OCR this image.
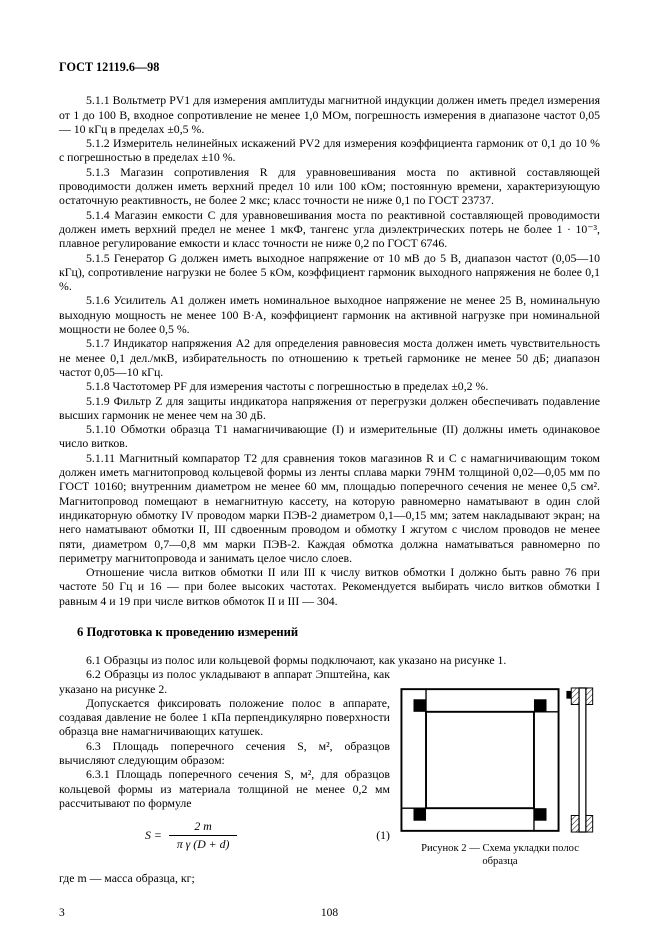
ГОСТ 12119.6—98

5.1.1 Вольтметр PV1 для измерения амплитуды магнитной индукции должен иметь предел измерения от 1 до 100 В, входное сопротивление не менее 1,0 МОм, погрешность измерения в диапазоне частот 0,05 — 10 кГц в пределах ±0,5 %.

5.1.2 Измеритель нелинейных искажений PV2 для измерения коэффициента гармоник от 0,1 до 10 % с погрешностью в пределах ±10 %.

5.1.3 Магазин сопротивления R для уравновешивания моста по активной составляющей проводимости должен иметь верхний предел 10 или 100 кОм; постоянную времени, характеризующую остаточную реактивность, не более 2 мкс; класс точности не ниже 0,1 по ГОСТ 23737.

5.1.4 Магазин емкости C для уравновешивания моста по реактивной составляющей проводимости должен иметь верхний предел не менее 1 мкФ, тангенс угла диэлектрических потерь не более 1 · 10⁻³, плавное регулирование емкости и класс точности не ниже 0,2 по ГОСТ 6746.

5.1.5 Генератор G должен иметь выходное напряжение от 10 мВ до 5 В, диапазон частот (0,05—10 кГц), сопротивление нагрузки не более 5 кОм, коэффициент гармоник выходного напряжения не более 0,1 %.

5.1.6 Усилитель A1 должен иметь номинальное выходное напряжение не менее 25 В, номинальную выходную мощность не менее 100 В·А, коэффициент гармоник на активной нагрузке при номинальной мощности не более 0,5 %.

5.1.7 Индикатор напряжения A2 для определения равновесия моста должен иметь чувствительность не менее 0,1 дел./мкВ, избирательность по отношению к третьей гармонике не менее 50 дБ; диапазон частот 0,05—10 кГц.

5.1.8 Частотомер PF для измерения частоты с погрешностью в пределах ±0,2 %.

5.1.9 Фильтр Z для защиты индикатора напряжения от перегрузки должен обеспечивать подавление высших гармоник не менее чем на 30 дБ.

5.1.10 Обмотки образца T1 намагничивающие (I) и измерительные (II) должны иметь одинаковое число витков.

5.1.11 Магнитный компаратор T2 для сравнения токов магазинов R и C с намагничивающим током должен иметь магнитопровод кольцевой формы из ленты сплава марки 79НМ толщиной 0,02—0,05 мм по ГОСТ 10160; внутренним диаметром не менее 60 мм, площадью поперечного сечения не менее 0,5 см². Магнитопровод помещают в немагнитную кассету, на которую равномерно наматывают в один слой индикаторную обмотку IV проводом марки ПЭВ-2 диаметром 0,1—0,15 мм; затем накладывают экран; на него наматывают обмотки II, III сдвоенным проводом и обмотку I жгутом с числом проводов не менее пяти, диаметром 0,7—0,8 мм марки ПЭВ-2. Каждая обмотка должна наматываться равномерно по периметру магнитопровода и занимать целое число слоев.

Отношение числа витков обмотки II или III к числу витков обмотки I должно быть равно 76 при частоте 50 Гц и 16 — при более высоких частотах. Рекомендуется выбирать число витков обмотки I равным 4 и 19 при числе витков обмоток II и III — 304.

6 Подготовка к проведению измерений

6.1 Образцы из полос или кольцевой формы подключают, как указано на рисунке 1.

6.2 Образцы из полос укладывают в аппарат Эпштейна, как указано на рисунке 2.

Допускается фиксировать положение полос в аппарате, создавая давление не более 1 кПа перпендикулярно поверхности образца вне намагничивающих катушек.

6.3 Площадь поперечного сечения S, м², образцов вычисляют следующим образом:

6.3.1 Площадь поперечного сечения S, м², для образцов кольцевой формы из материала толщиной не менее 0,2 мм рассчитывают по формуле

$S = \frac{2 m}{\text{π γ (D + d)}}$	(1)
Рисунок 2 — Схема укладки полос образца

где m — масса образца, кг;

3	108
